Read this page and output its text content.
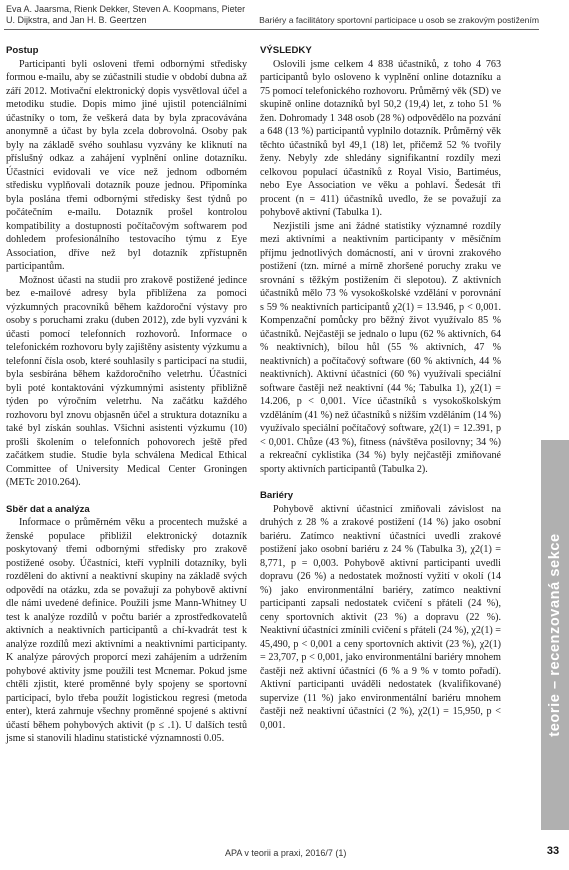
Eva A. Jaarsma, Rienk Dekker, Steven A. Koopmans, Pieter U. Dijkstra, and Jan H. B. Geertzen	Bariéry a facilitátory sportovní participace u osob se zrakovým postižením
Postup

Participanti byli osloveni třemi odbornými středisky formou e-mailu, aby se zúčastnili studie v období dubna až září 2012. Motivační elektronický dopis vysvětloval účel a metodiku studie. Dopis mimo jiné ujistil potenciálními účastníky o tom, že veškerá data by byla zpracovávána anonymně a účast by byla zcela dobrovolná. Osoby pak byly na základě svého souhlasu vyzvány ke kliknutí na příslušný odkaz a zahájení vyplnění online dotazníku. Účastníci evidovali ve více než jednom odborném středisku vyplňovali dotazník pouze jednou. Připomínka byla poslána třemi odbornými středisky šest týdnů po počátečním e-mailu. Dotazník prošel kontrolou kompatibility a dostupnosti počítačovým softwarem pod dohledem profesionálního testovacího týmu z Eye Association, dříve než byl dotazník zpřístupněn participantům.

Možnost účasti na studii pro zrakově postižené jedince bez e-mailové adresy byla přiblížena za pomoci výzkumných pracovníků během každoroční výstavy pro osoby s poruchami zraku (duben 2012), zde byli vyzváni k účasti pomocí telefonních rozhovorů. Informace o telefonickém rozhovoru byly zajištěny asistenty výzkumu a telefonní čísla osob, které souhlasily s participací na studii, byla sesbírána během každoročního veletrhu. Účastníci byli poté kontaktováni výzkumnými asistenty přibližně týden po výročním veletrhu. Na začátku každého rozhovoru byl znovu objasněn účel a struktura dotazníku a také byl získán souhlas. Všichni asistenti výzkumu (10) prošli školením o telefonních pohovorech ještě před začátkem studie. Studie byla schválena Medical Ethical Committee of University Medical Center Groningen (METc 2010.264).

Sběr dat a analýza

Informace o průměrném věku a procentech mužské a ženské populace přibližil elektronický dotazník poskytovaný třemi odbornými středisky pro zrakově postižené osoby. Účastníci, kteří vyplnili dotazníky, byli rozděleni do aktivní a neaktivní skupiny na základě svých odpovědí na otázku, zda se považují za pohybově aktivní dle námi uvedené definice. Použili jsme Mann-Whitney U test k analýze rozdílů v počtu bariér a zprostředkovatelů aktivních a neaktivních participantů a chí-kvadrát test k analýze rozdílů mezi aktivními a neaktivními participanty. K analýze párových proporcí mezi zahájením a udržením pohybové aktivity jsme použili test Mcnemar. Pokud jsme chtěli zjistit, které proměnné byly spojeny se sportovní participací, bylo třeba použít logistickou regresi (metoda enter), která zahrnuje všechny proměnné spojené s aktivní účastí během pohybových aktivit (p ≤ .1). U dalších testů jsme si stanovili hladinu statistické významnosti 0.05.

VÝSLEDKY

Oslovili jsme celkem 4 838 účastníků, z toho 4 763 participantů bylo osloveno k vyplnění online dotazníku a 75 pomocí telefonického rozhovoru. Průměrný věk (SD) ve skupině online dotazníků byl 50,2 (19,4) let, z toho 51 % žen. Dohromady 1 348 osob (28 %) odpovědělo na pozvání a 648 (13 %) participantů vyplnilo dotazník. Průměrný věk těchto účastníků byl 49,1 (18) let, přičemž 52 % tvořily ženy. Nebyly zde shledány signifikantní rozdíly mezi celkovou populací účastníků z Royal Visio, Bartiméus, nebo Eye Association ve věku a pohlaví. Šedesát tři procent (n = 411) účastníků uvedlo, že se považují za pohybově aktivní (Tabulka 1).

Nezjistili jsme ani žádné statistiky významné rozdíly mezi aktivními a neaktivním participanty v měsíčním příjmu jednotlivých domácností, ani v úrovni zrakového postižení (tzn. mírné a mírně zhoršené poruchy zraku ve srovnání s těžkým postižením či slepotou). Z aktivních účastníků mělo 73 % vysokoškolské vzdělání v porovnání s 59 % neaktivních participantů χ2(1) = 13.946, p < 0,001. Kompenzační pomůcky pro běžný život využívalo 85 % účastníků. Nejčastěji se jednalo o lupu (62 % aktivních, 64 % neaktivních), bílou hůl (55 % aktivních, 47 % neaktivních) a počítačový software (60 % aktivních, 44 % neaktivních). Aktivní účastníci (60 %) využívali speciální software častěji než neaktivní (44 %; Tabulka 1), χ2(1) = 14.206, p < 0,001. Více účastníků s vysokoškolským vzděláním (41 %) než účastníků s nižším vzděláním (14 %) využívalo speciální počítačový software, χ2(1) = 12.391, p < 0,001. Chůze (43 %), fitness (návštěva posilovny; 34 %) a rekreační cyklistika (34 %) byly nejčastěji zmiňované sporty aktivních participantů (Tabulka 2).

Bariéry

Pohybově aktivní účastnicí zmiňovali závislost na druhých z 28 % a zrakové postižení (14 %) jako osobní bariéru. Zatímco neaktivní účastníci uvedli zrakové postižení jako osobní bariéru z 24 % (Tabulka 3), χ2(1) = 8,771, p = 0,003. Pohybově aktivní participanti uvedli dopravu (26 %) a nedostatek možností vyžití v okolí (14 %) jako environmentální bariéry, zatímco neaktivní participanti zapsali nedostatek cvičení s přáteli (24 %), ceny sportovních aktivit (23 %) a dopravu (22 %). Neaktivní účastníci zmínili cvičení s přáteli (24 %), χ2(1) = 45,490, p < 0,001 a ceny sportovních aktivit (23 %), χ2(1) = 23,707, p < 0,001, jako environmentální bariéry mnohem častěji než aktivní účastníci (6 % a 9 % v tomto pořadí). Aktivní participanti uváděli nedostatek (kvalifikované) supervize (11 %) jako environmentální bariéru mnohem častěji než neaktivní účastníci (2 %), χ2(1) = 15,950, p < 0,001.	teorie – recenzovaná sekce
APA v teorii a praxi, 2016/7 (1)	33
